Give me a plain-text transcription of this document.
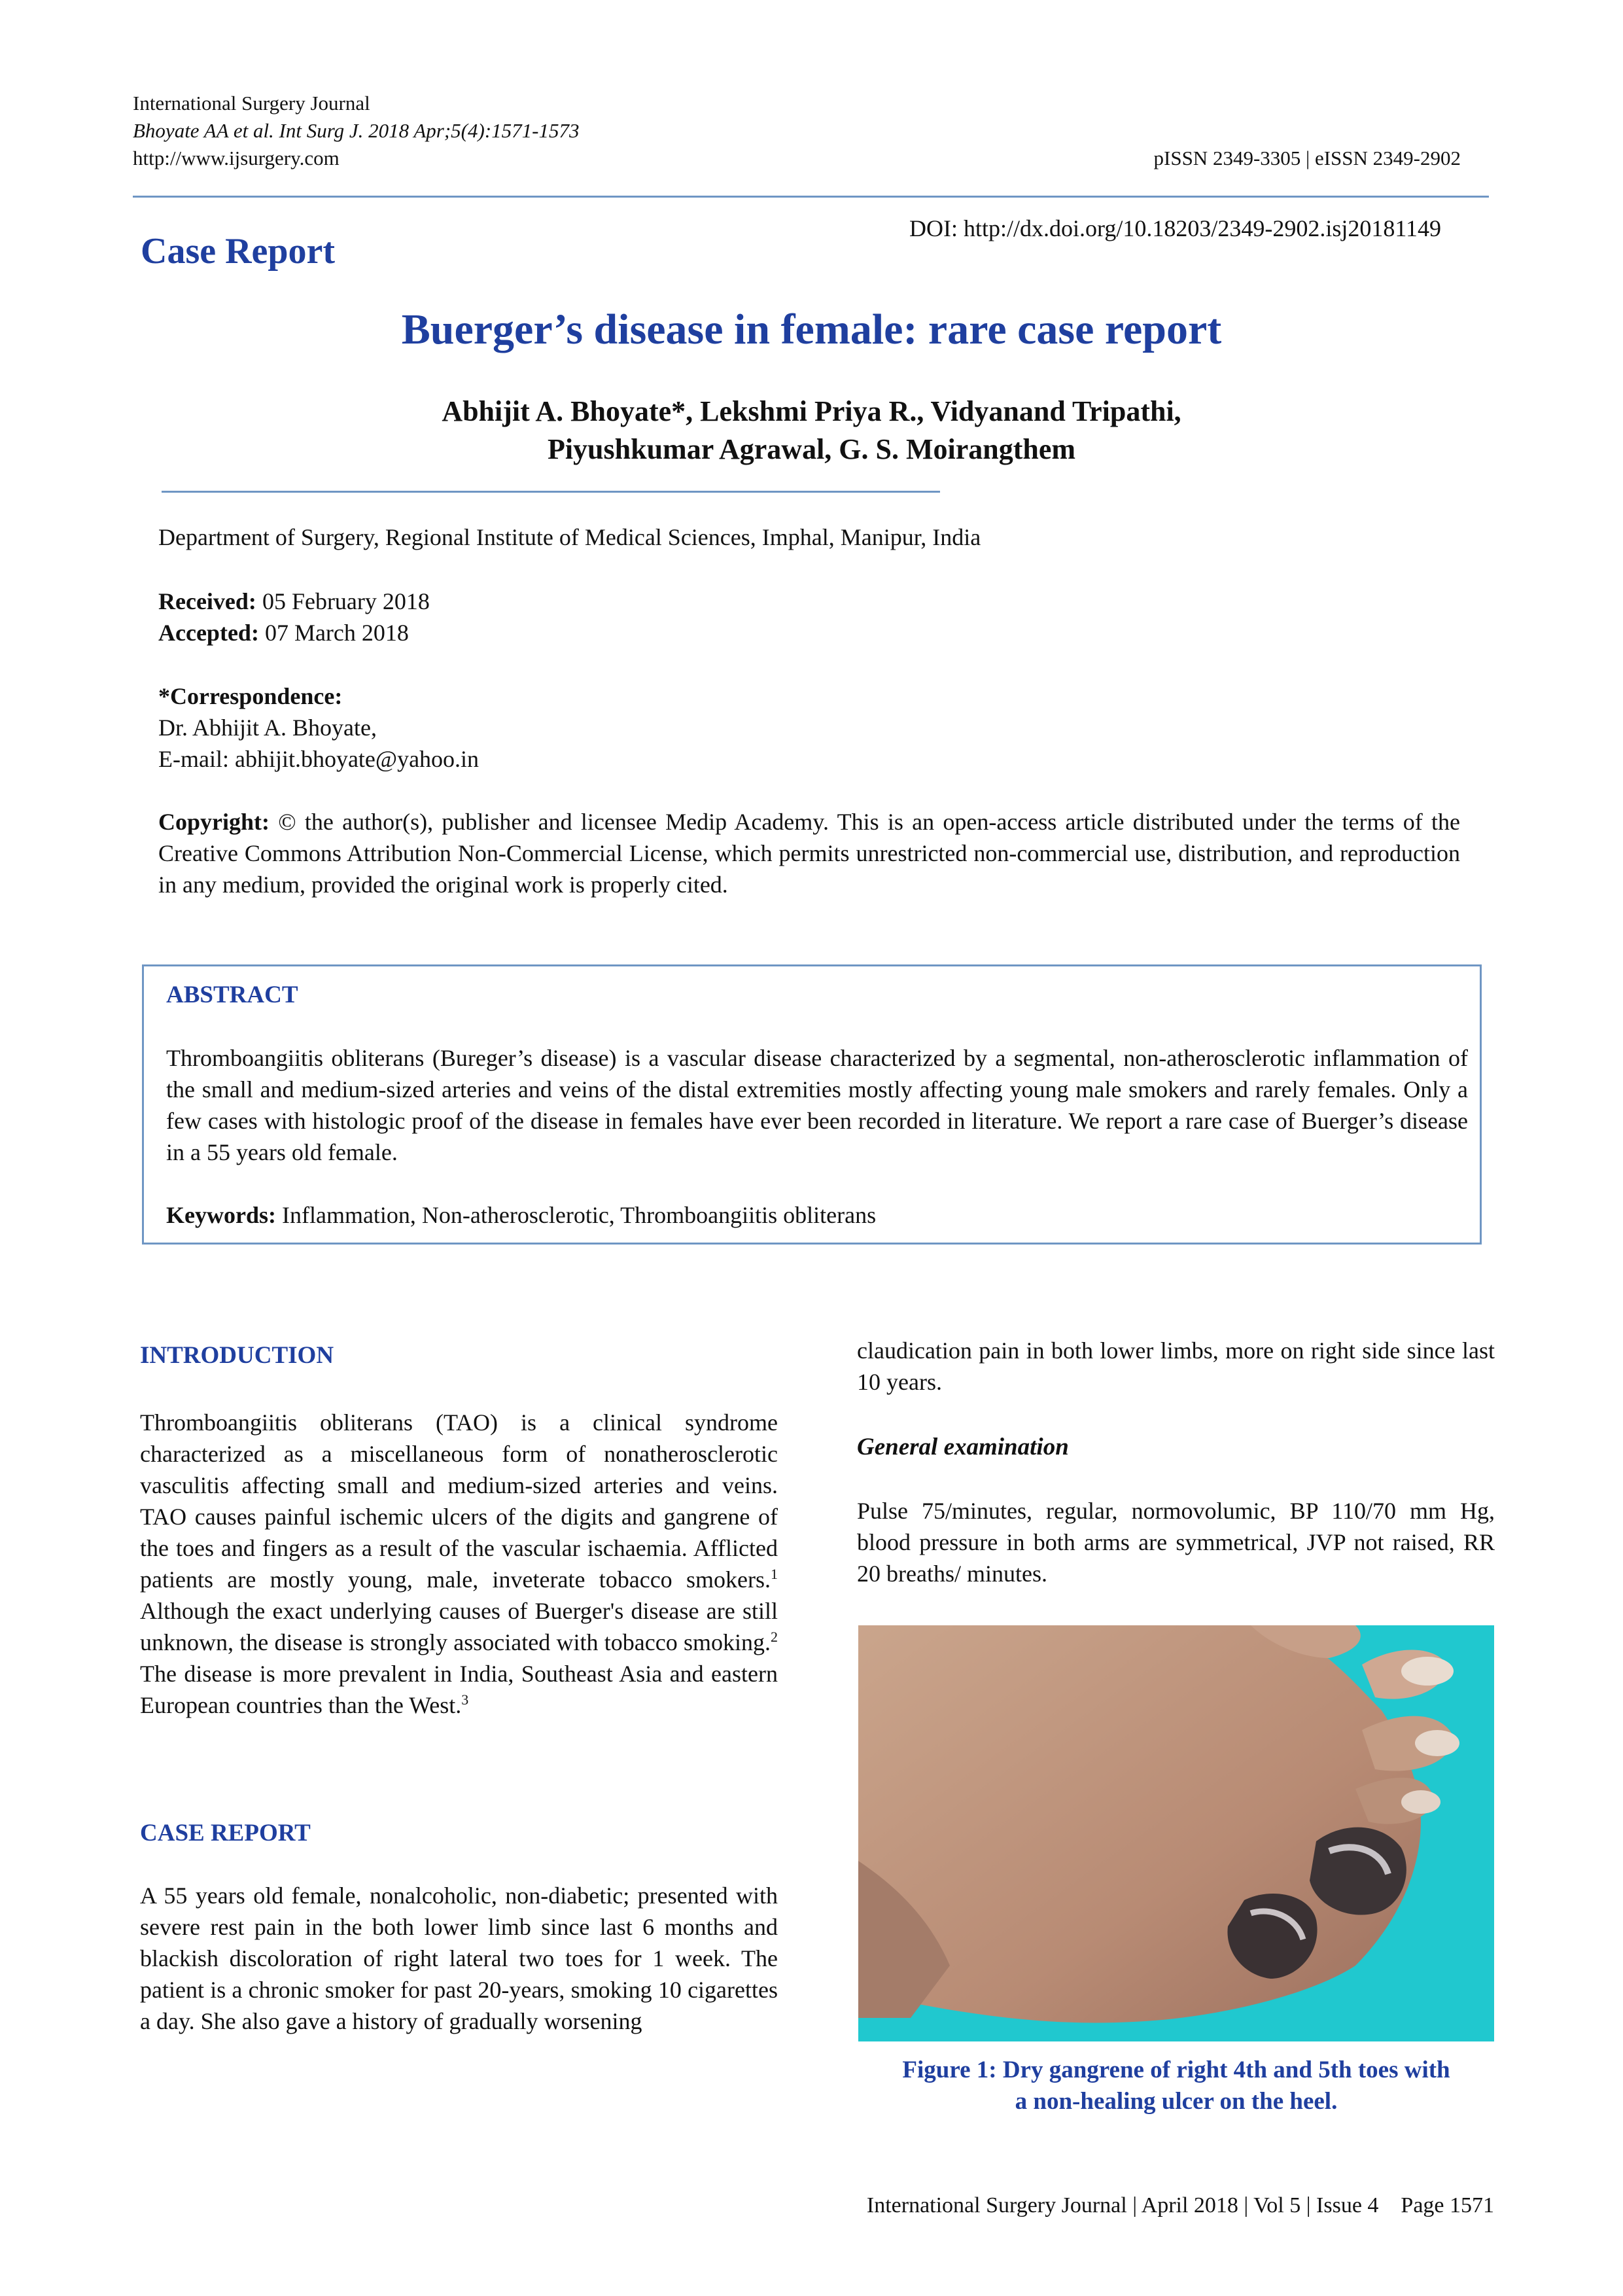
International Surgery Journal
Bhoyate AA et al. Int Surg J. 2018 Apr;5(4):1571-1573
http://www.ijsurgery.com	pISSN 2349-3305 | eISSN 2349-2902
DOI: http://dx.doi.org/10.18203/2349-2902.isj20181149
Case Report
Buerger’s disease in female: rare case report
Abhijit A. Bhoyate*, Lekshmi Priya R., Vidyanand Tripathi,
Piyushkumar Agrawal, G. S. Moirangthem
Department of Surgery, Regional Institute of Medical Sciences, Imphal, Manipur, India
Received: 05 February 2018
Accepted: 07 March 2018
*Correspondence:
Dr. Abhijit A. Bhoyate,
E-mail: abhijit.bhoyate@yahoo.in
Copyright: © the author(s), publisher and licensee Medip Academy. This is an open-access article distributed under the terms of the Creative Commons Attribution Non-Commercial License, which permits unrestricted non-commercial use, distribution, and reproduction in any medium, provided the original work is properly cited.
ABSTRACT
Thromboangiitis obliterans (Bureger’s disease) is a vascular disease characterized by a segmental, non-atherosclerotic inflammation of the small and medium-sized arteries and veins of the distal extremities mostly affecting young male smokers and rarely females. Only a few cases with histologic proof of the disease in females have ever been recorded in literature. We report a rare case of Buerger’s disease in a 55 years old female.
Keywords: Inflammation, Non-atherosclerotic, Thromboangiitis obliterans
INTRODUCTION
Thromboangiitis obliterans (TAO) is a clinical syndrome characterized as a miscellaneous form of nonatherosclerotic vasculitis affecting small and medium-sized arteries and veins. TAO causes painful ischemic ulcers of the digits and gangrene of the toes and fingers as a result of the vascular ischaemia. Afflicted patients are mostly young, male, inveterate tobacco smokers.$^1$ Although the exact underlying causes of Buerger's disease are still unknown, the disease is strongly associated with tobacco smoking.$^2$ The disease is more prevalent in India, Southeast Asia and eastern European countries than the West.$^3$
CASE REPORT
A 55 years old female, nonalcoholic, non-diabetic; presented with severe rest pain in the both lower limb since last 6 months and blackish discoloration of right lateral two toes for 1 week. The patient is a chronic smoker for past 20-years, smoking 10 cigarettes a day. She also gave a history of gradually worsening
claudication pain in both lower limbs, more on right side since last 10 years.
General examination
Pulse 75/minutes, regular, normovolumic, BP 110/70 mm Hg, blood pressure in both arms are symmetrical, JVP not raised, RR 20 breaths/ minutes.
Figure 1: Dry gangrene of right 4th and 5th toes with
a non-healing ulcer on the heel.
International Surgery Journal | April 2018 | Vol 5 | Issue 4    Page 1571
